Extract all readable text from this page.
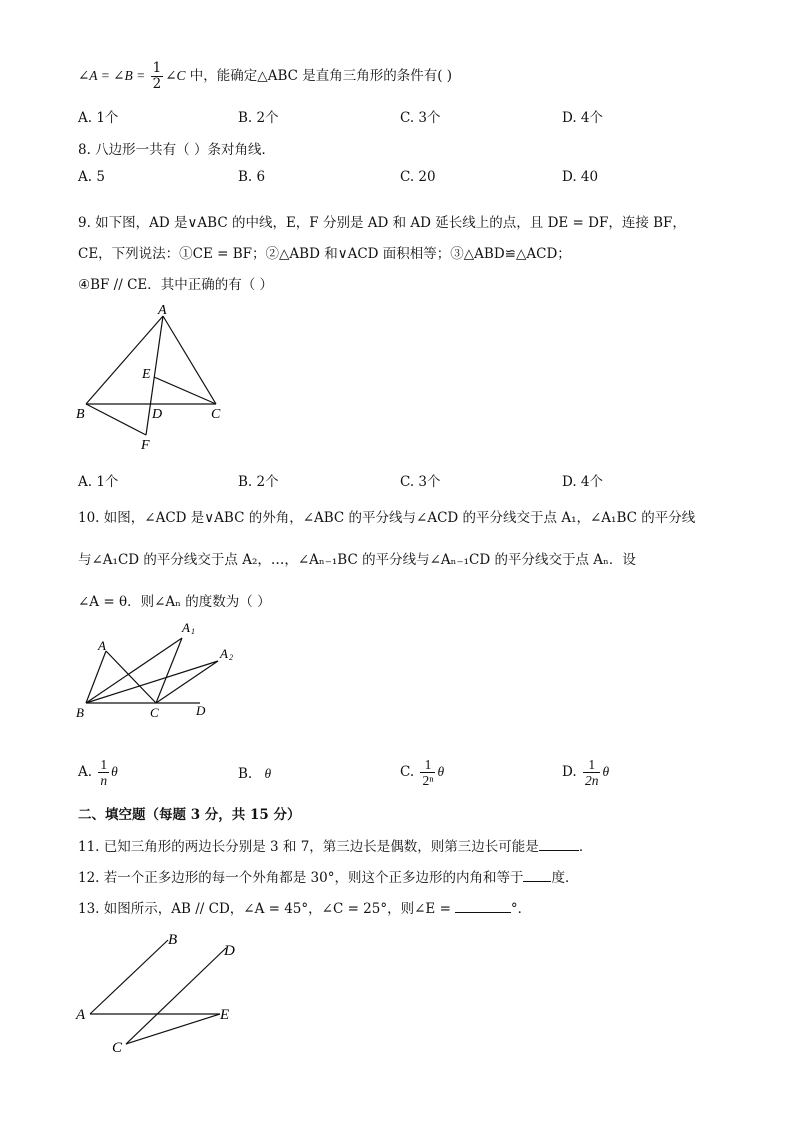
∠A = ∠B = $\frac{1}{2}$ ∠C 中，能确定△ABC 是直角三角形的条件有( )
A. 1个	B. 2个	C. 3个	D. 4个
8. 八边形一共有（ ）条对角线．
A. 5	B. 6	C. 20	D. 40
9. 如下图，AD 是∨ABC 的中线，E，F 分别是 AD 和 AD 延长线上的点，且 DE = DF，连接 BF，
CE，下列说法：①CE = BF；②△ABD 和∨ACD 面积相等；③△ABD≌△ACD；
④BF // CE．其中正确的有（ ）
A
E
B	D	C
F
A. 1个	B. 2个	C. 3个	D. 4个
10. 如图，∠ACD 是∨ABC 的外角，∠ABC 的平分线与∠ACD 的平分线交于点 A₁，∠A₁BC 的平分线
与∠A₁CD 的平分线交于点 A₂，…，∠Aₙ₋₁BC 的平分线与∠Aₙ₋₁CD 的平分线交于点 Aₙ．设
∠A = θ．则∠Aₙ 的度数为（ ）
A
A 1
A 2
B	C	D
A. $\frac{1}{n}$ θ	B. θ	C. $\frac{1}{\text{2ⁿ}}$ θ	D. $\frac{1}{2n}$ θ
二、填空题（每题 3 分，共 15 分）
11. 已知三角形的两边长分别是 3 和 7，第三边长是偶数，则第三边长可能是	．
12. 若一个正多边形的每一个外角都是 30°，则这个正多边形的内角和等于 度．
13. 如图所示，AB // CD，∠A = 45°，∠C = 25°，则∠E =	°．
B
D
A	E
C
